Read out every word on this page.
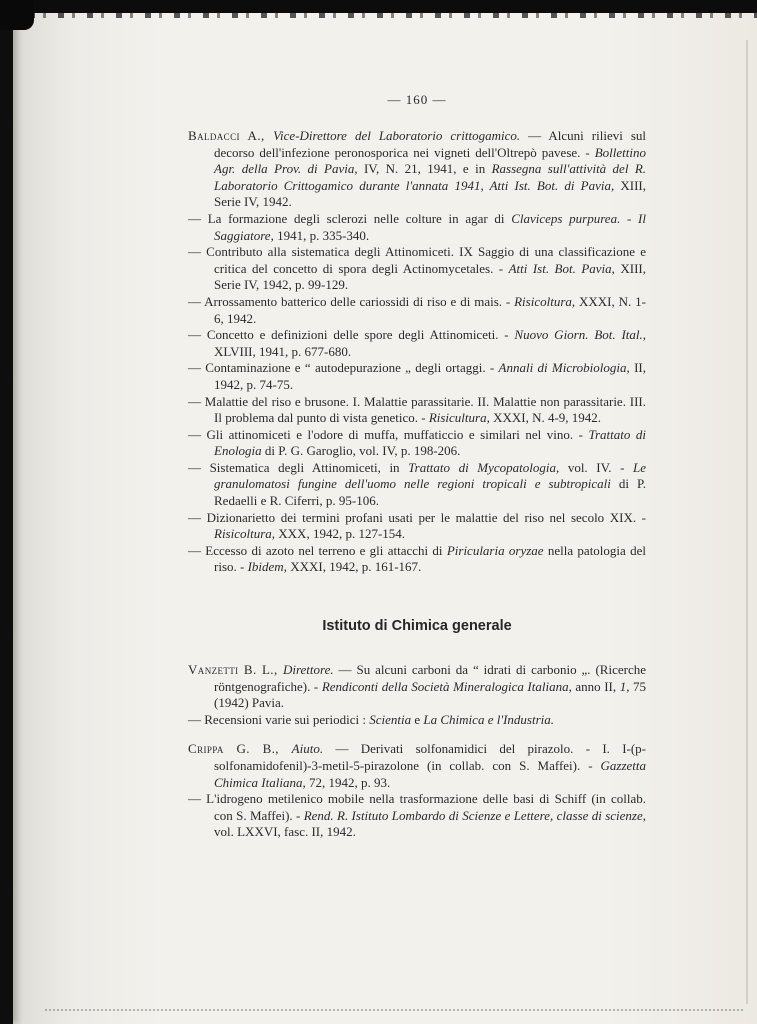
— 160 —

Baldacci A., Vice-Direttore del Laboratorio crittogamico. — Alcuni rilievi sul decorso dell'infezione peronosporica nei vigneti dell'Oltrepò pavese. - Bollettino Agr. della Prov. di Pavia, IV, N. 21, 1941, e in Rassegna sull'attività del R. Laboratorio Crittogamico durante l'annata 1941, Atti Ist. Bot. di Pavia, XIII, Serie IV, 1942.

— La formazione degli sclerozi nelle colture in agar di Claviceps purpurea. - Il Saggiatore, 1941, p. 335-340.

— Contributo alla sistematica degli Attinomiceti. IX Saggio di una classificazione e critica del concetto di spora degli Actinomycetales. - Atti Ist. Bot. Pavia, XIII, Serie IV, 1942, p. 99-129.

— Arrossamento batterico delle cariossidi di riso e di mais. - Risicoltura, XXXI, N. 1-6, 1942.

— Concetto e definizioni delle spore degli Attinomiceti. - Nuovo Giorn. Bot. Ital., XLVIII, 1941, p. 677-680.

— Contaminazione e “ autodepurazione „ degli ortaggi. - Annali di Microbiologia, II, 1942, p. 74-75.

— Malattie del riso e brusone. I. Malattie parassitarie. II. Malattie non parassitarie. III. Il problema dal punto di vista genetico. - Risicultura, XXXI, N. 4-9, 1942.

— Gli attinomiceti e l'odore di muffa, muffaticcio e similari nel vino. - Trattato di Enologia di P. G. Garoglio, vol. IV, p. 198-206.

— Sistematica degli Attinomiceti, in Trattato di Mycopatologia, vol. IV. - Le granulomatosi fungine dell'uomo nelle regioni tropicali e subtropicali di P. Redaelli e R. Ciferri, p. 95-106.

— Dizionarietto dei termini profani usati per le malattie del riso nel secolo XIX. - Risicoltura, XXX, 1942, p. 127-154.

— Eccesso di azoto nel terreno e gli attacchi di Piricularia oryzae nella patologia del riso. - Ibidem, XXXI, 1942, p. 161-167.

Istituto di Chimica generale

Vanzetti B. L., Direttore. — Su alcuni carboni da “ idrati di carbonio „. (Ricerche röntgenografiche). - Rendiconti della Società Mineralogica Italiana, anno II, 1, 75 (1942) Pavia.

— Recensioni varie sui periodici : Scientia e La Chimica e l'Industria.

Crippa G. B., Aiuto. — Derivati solfonamidici del pirazolo. - I. I-(p-solfonamidofenil)-3-metil-5-pirazolone (in collab. con S. Maffei). - Gazzetta Chimica Italiana, 72, 1942, p. 93.

— L'idrogeno metilenico mobile nella trasformazione delle basi di Schiff (in collab. con S. Maffei). - Rend. R. Istituto Lombardo di Scienze e Lettere, classe di scienze, vol. LXXVI, fasc. II, 1942.
